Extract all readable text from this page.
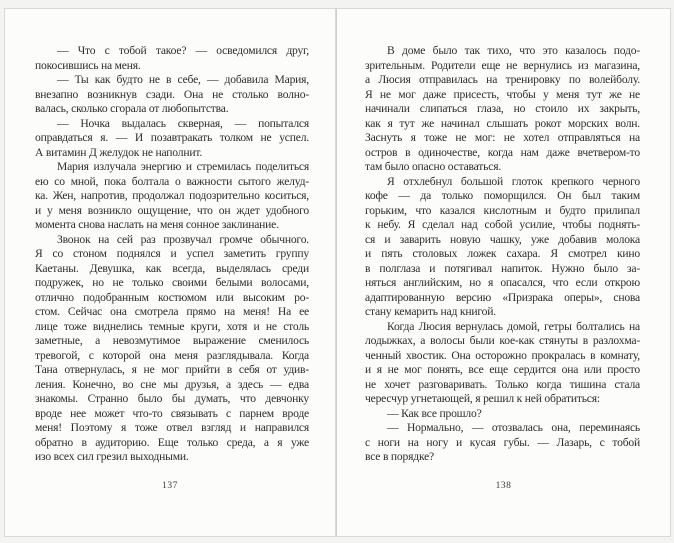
— Что с тобой такое? — осведомился друг,
покосившись на меня.
— Ты как будто не в себе, — добавила Мария,
внезапно возникнув сзади. Она не столько волно-
валась, сколько сгорала от любопытства.
— Ночка выдалась скверная, — попытался
оправдаться я. — И позавтракать толком не успел.
А витамин Д желудок не наполнит.
Мария излучала энергию и стремилась поделиться
ею со мной, пока болтала о важности сытого желуд-
ка. Жен, напротив, продолжал подозрительно коситься,
и у меня возникло ощущение, что он ждет удобного
момента снова наслать на меня сонное заклинание.
Звонок на сей раз прозвучал громче обычного.
Я со стоном поднялся и успел заметить группу
Каетаны. Девушка, как всегда, выделялась среди
подружек, но не только своими белыми волосами,
отлично подобранным костюмом или высоким ро-
стом. Сейчас она смотрела прямо на меня! На ее
лице тоже виднелись темные круги, хотя и не столь
заметные, а невозмутимое выражение сменилось
тревогой, с которой она меня разглядывала. Когда
Тана отвернулась, я не мог прийти в себя от удив-
ления. Конечно, во сне мы друзья, а здесь — едва
знакомы. Странно было бы думать, что девчонку
вроде нее может что-то связывать с парнем вроде
меня! Поэтому я тоже отвел взгляд и направился
обратно в аудиторию. Еще только среда, а я уже
изо всех сил грезил выходными.
137
В доме было так тихо, что это казалось подо-
зрительным. Родители еще не вернулись из магазина,
а Люсия отправилась на тренировку по волейболу.
Я не мог даже присесть, чтобы у меня тут же не
начинали слипаться глаза, но стоило их закрыть,
как я тут же начинал слышать рокот морских волн.
Заснуть я тоже не мог: не хотел отправляться на
остров в одиночестве, когда нам даже вчетвером-то
там было опасно оставаться.
Я отхлебнул большой глоток крепкого черного
кофе — да только поморщился. Он был таким
горьким, что казался кислотным и будто прилипал
к небу. Я сделал над собой усилие, чтобы поднять-
ся и заварить новую чашку, уже добавив молока
и пять столовых ложек сахара. Я смотрел кино
в полглаза и потягивал напиток. Нужно было за-
няться английским, но я опасался, что если открою
адаптированную версию «Призрака оперы», снова
стану кемарить над книгой.
Когда Люсия вернулась домой, гетры болтались на
лодыжках, а волосы были кое-как стянуты в разлохма-
ченный хвостик. Она осторожно прокралась в комнату,
и я не мог понять, все еще сердится она или просто
не хочет разговаривать. Только когда тишина стала
чересчур угнетающей, я решил к ней обратиться:
— Как все прошло?
— Нормально, — отозвалась она, переминаясь
с ноги на ногу и кусая губы. — Лазарь, с тобой
все в порядке?
138
